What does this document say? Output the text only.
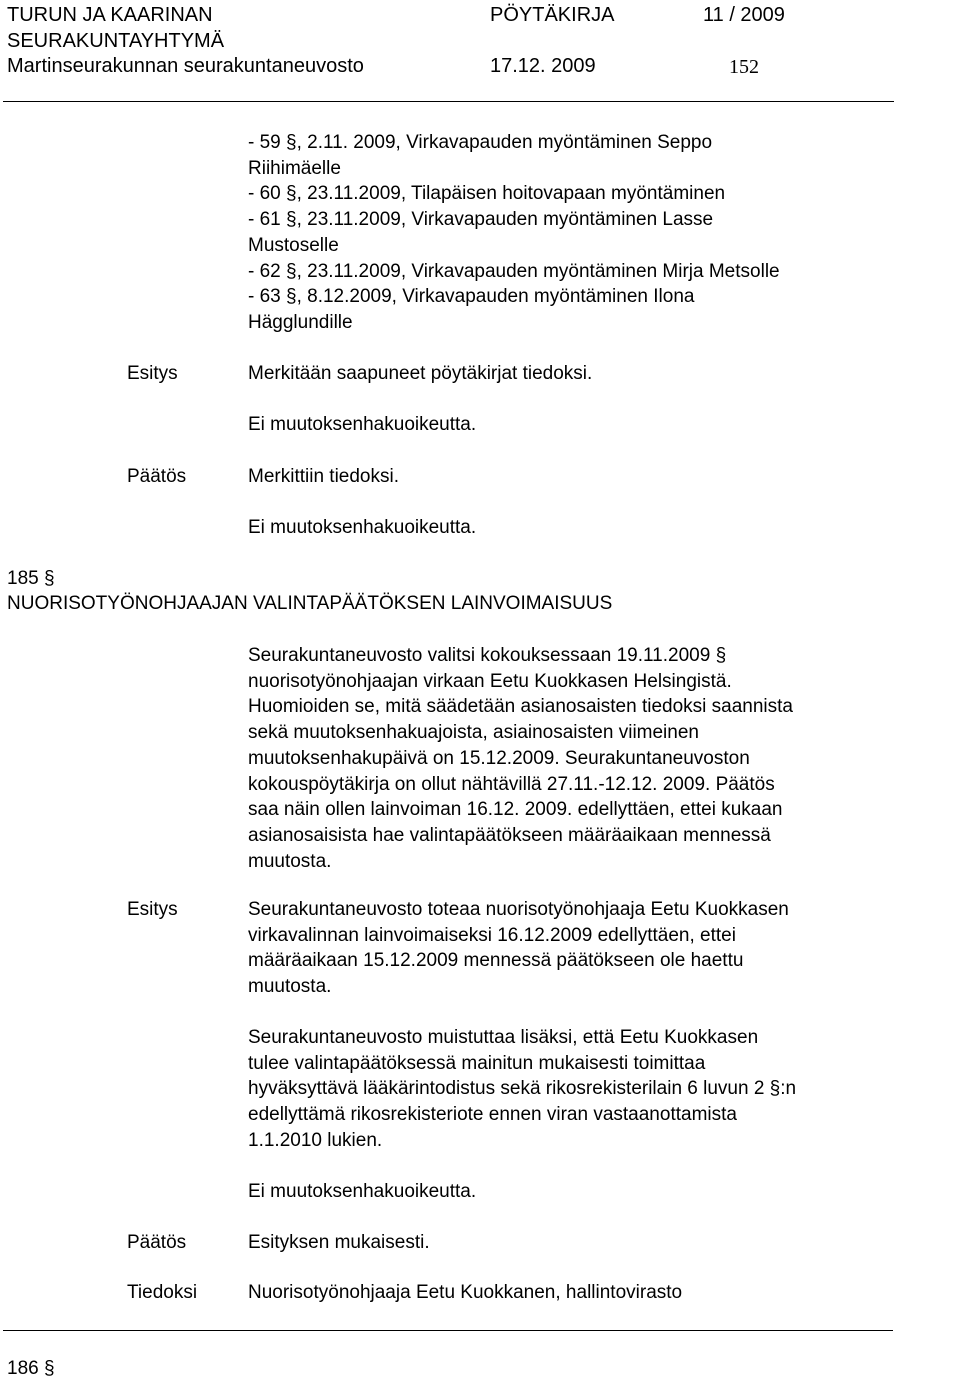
TURUN JA KAARINAN
SEURAKUNTAYHTYMÄ
Martinseurakunnan seurakuntaneuvosto
PÖYTÄKIRJA	11 / 2009
17.12. 2009	152
- 59 §, 2.11. 2009, Virkavapauden myöntäminen Seppo
Riihimäelle
- 60 §, 23.11.2009, Tilapäisen hoitovapaan myöntäminen
- 61 §, 23.11.2009, Virkavapauden myöntäminen Lasse
Mustoselle
- 62 §, 23.11.2009, Virkavapauden myöntäminen Mirja Metsolle
- 63 §, 8.12.2009, Virkavapauden myöntäminen Ilona
Hägglundille
Esitys	Merkitään saapuneet pöytäkirjat tiedoksi.
Ei muutoksenhakuoikeutta.
Päätös	Merkittiin tiedoksi.
Ei muutoksenhakuoikeutta.
185 §
NUORISOTYÖNOHJAAJAN VALINTAPÄÄTÖKSEN LAINVOIMAISUUS
Seurakuntaneuvosto valitsi kokouksessaan 19.11.2009 §
nuorisotyönohjaajan virkaan Eetu Kuokkasen Helsingistä.
Huomioiden se, mitä säädetään asianosaisten tiedoksi saannista
sekä muutoksenhakuajoista, asiainosaisten viimeinen
muutoksenhakupäivä on 15.12.2009. Seurakuntaneuvoston
kokouspöytäkirja on ollut nähtävillä 27.11.-12.12. 2009. Päätös
saa näin ollen lainvoiman 16.12. 2009. edellyttäen, ettei kukaan
asianosaisista hae valintapäätökseen määräaikaan mennessä
muutosta.
Esitys	Seurakuntaneuvosto toteaa nuorisotyönohjaaja Eetu Kuokkasen
virkavalinnan lainvoimaiseksi 16.12.2009 edellyttäen, ettei
määräaikaan 15.12.2009 mennessä päätökseen ole haettu
muutosta.
Seurakuntaneuvosto muistuttaa lisäksi, että Eetu Kuokkasen
tulee valintapäätöksessä mainitun mukaisesti toimittaa
hyväksyttävä lääkärintodistus sekä rikosrekisterilain 6 luvun 2 §:n
edellyttämä rikosrekisteriote ennen viran vastaanottamista
1.1.2010 lukien.
Ei muutoksenhakuoikeutta.
Päätös	Esityksen mukaisesti.
Tiedoksi	Nuorisotyönohjaaja Eetu Kuokkanen, hallintovirasto
186 §
